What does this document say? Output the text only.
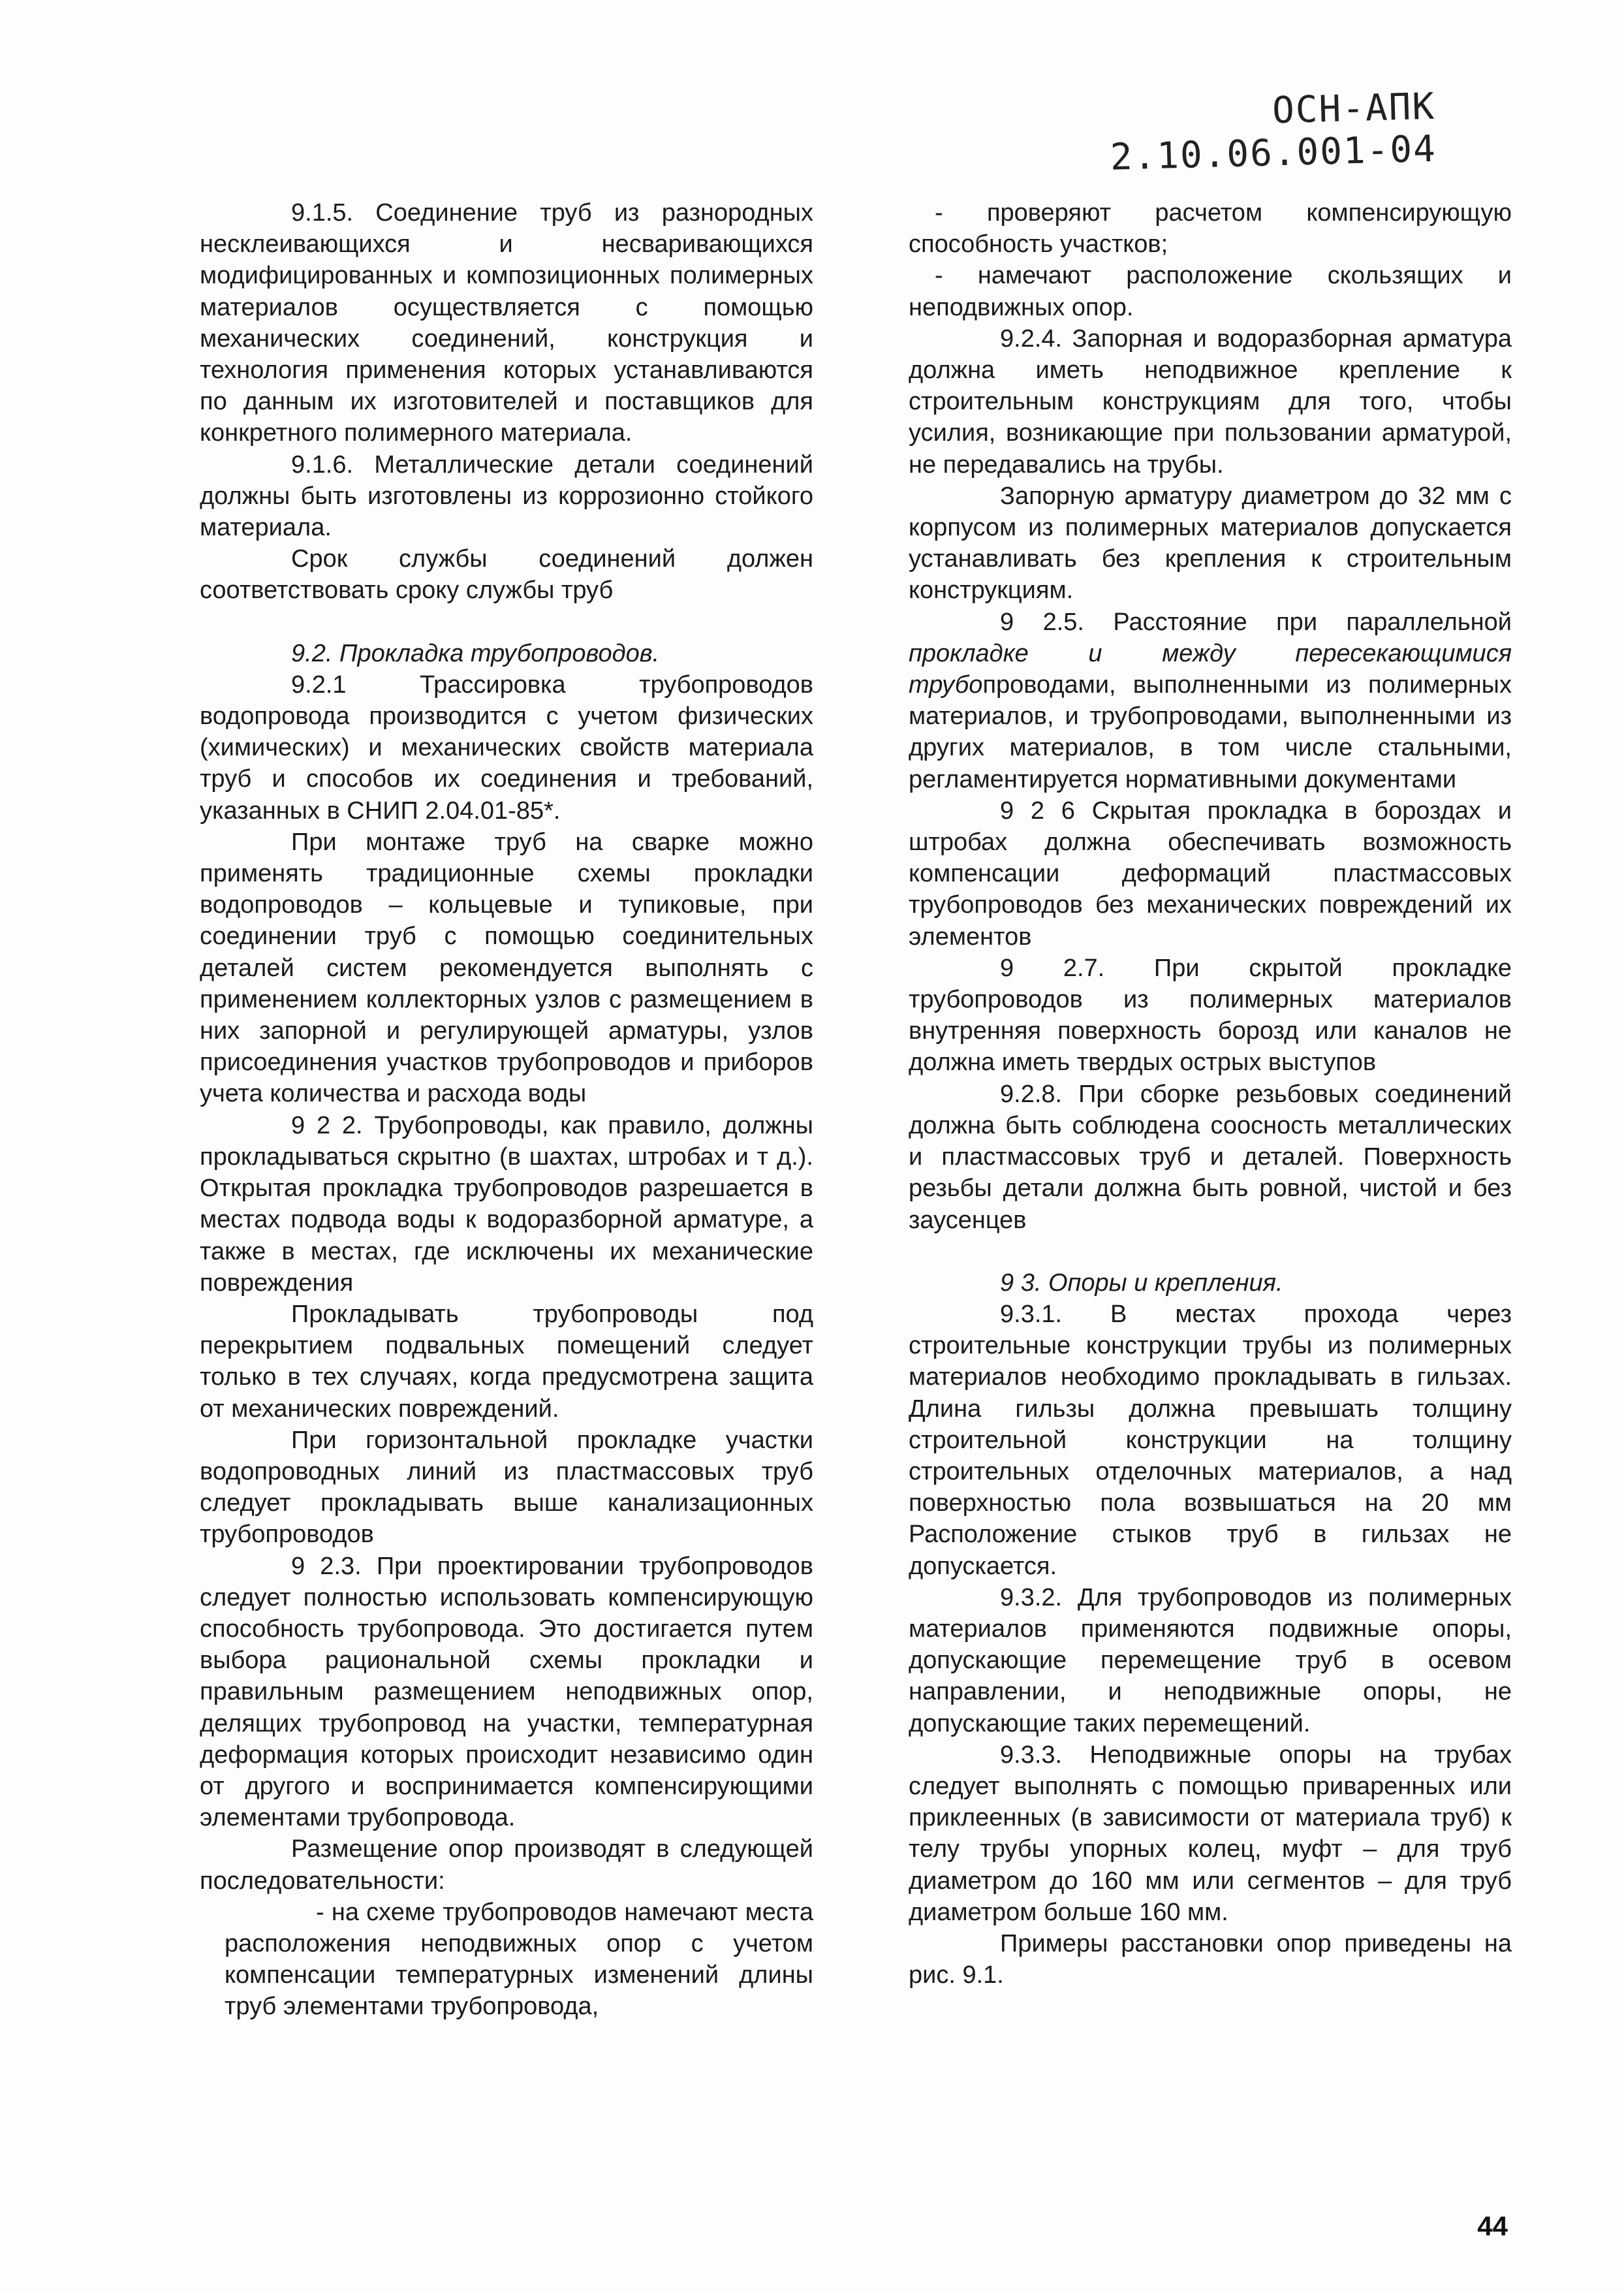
ОСН-АПК 2.10.06.001-04

9.1.5. Соединение труб из разнородных несклеивающихся и несваривающихся модифицированных и композиционных полимерных материалов осуществляется с помощью механических соединений, конструкция и технология применения которых устанавливаются по данным их изготовителей и поставщиков для конкретного полимерного материала.

9.1.6. Металлические детали соединений должны быть изготовлены из коррозионно стойкого материала.

Срок службы соединений должен соответствовать сроку службы труб

9.2. Прокладка трубопроводов.

9.2.1 Трассировка трубопроводов водопровода производится с учетом физических (химических) и механических свойств материала труб и способов их соединения и требований, указанных в СНИП 2.04.01-85*.

При монтаже труб на сварке можно применять традиционные схемы прокладки водопроводов – кольцевые и тупиковые, при соединении труб с помощью соединительных деталей систем рекомендуется выполнять с применением коллекторных узлов с размещением в них запорной и регулирующей арматуры, узлов присоединения участков трубопроводов и приборов учета количества и расхода воды

9 2 2. Трубопроводы, как правило, должны прокладываться скрытно (в шахтах, штробах и т д.). Открытая прокладка трубопроводов разрешается в местах подвода воды к водоразборной арматуре, а также в местах, где исключены их механические повреждения

Прокладывать трубопроводы под перекрытием подвальных помещений следует только в тех случаях, когда предусмотрена защита от механических повреждений.

При горизонтальной прокладке участки водопроводных линий из пластмассовых труб следует прокладывать выше канализационных трубопроводов

9 2.3. При проектировании трубопроводов следует полностью использовать компенсирующую способность трубопровода. Это достигается путем выбора рациональной схемы прокладки и правильным размещением неподвижных опор, делящих трубопровод на участки, температурная деформация которых происходит независимо один от другого и воспринимается компенсирующими элементами трубопровода.

Размещение опор производят в следующей последовательности:

- на схеме трубопроводов намечают места расположения неподвижных опор с учетом компенсации температурных изменений длины труб элементами трубопровода,

- проверяют расчетом компенсирующую способность участков;

- намечают расположение скользящих и неподвижных опор.

9.2.4. Запорная и водоразборная арматура должна иметь неподвижное крепление к строительным конструкциям для того, чтобы усилия, возникающие при пользовании арматурой, не передавались на трубы.

Запорную арматуру диаметром до 32 мм с корпусом из полимерных материалов допускается устанавливать без крепления к строительным конструкциям.

9 2.5. Расстояние при параллельной прокладке и между пересекающимися трубопроводами, выполненными из полимерных материалов, и трубопроводами, выполненными из других материалов, в том числе стальными, регламентируется нормативными документами

9 2 6 Скрытая прокладка в бороздах и штробах должна обеспечивать возможность компенсации деформаций пластмассовых трубопроводов без механических повреждений их элементов

9 2.7. При скрытой прокладке трубопроводов из полимерных материалов внутренняя поверхность борозд или каналов не должна иметь твердых острых выступов

9.2.8. При сборке резьбовых соединений должна быть соблюдена соосность металлических и пластмассовых труб и деталей. Поверхность резьбы детали должна быть ровной, чистой и без заусенцев

9 3. Опоры и крепления.

9.3.1. В местах прохода через строительные конструкции трубы из полимерных материалов необходимо прокладывать в гильзах. Длина гильзы должна превышать толщину строительной конструкции на толщину строительных отделочных материалов, а над поверхностью пола возвышаться на 20 мм Расположение стыков труб в гильзах не допускается.

9.3.2. Для трубопроводов из полимерных материалов применяются подвижные опоры, допускающие перемещение труб в осевом направлении, и неподвижные опоры, не допускающие таких перемещений.

9.3.3. Неподвижные опоры на трубах следует выполнять с помощью приваренных или приклеенных (в зависимости от материала труб) к телу трубы упорных колец, муфт – для труб диаметром до 160 мм или сегментов – для труб диаметром больше 160 мм.

Примеры расстановки опор приведены на рис. 9.1.

44
